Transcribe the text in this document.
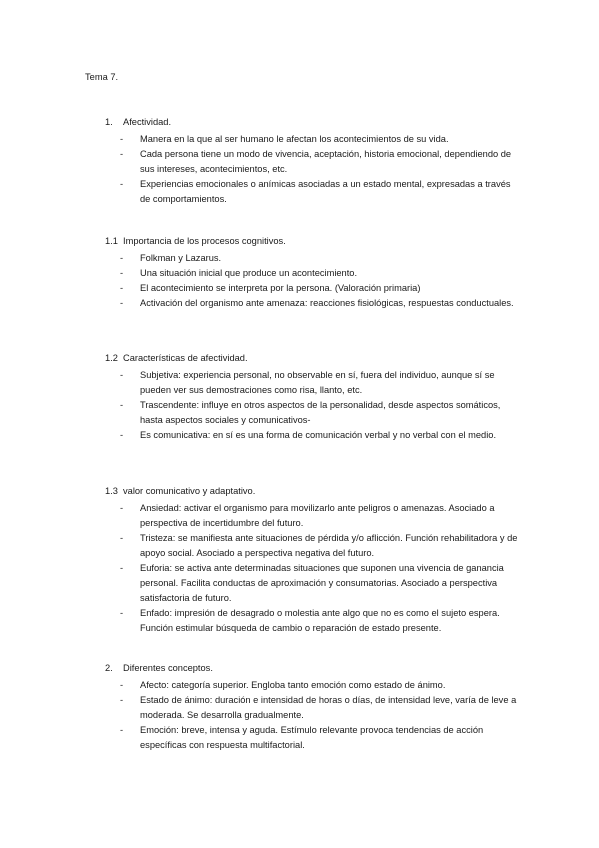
Tema 7.
1. Afectividad.
- Manera en la que al ser humano le afectan los acontecimientos de su vida.
- Cada persona tiene un modo de vivencia, aceptación, historia emocional, dependiendo de sus intereses, acontecimientos, etc.
- Experiencias emocionales o anímicas asociadas a un estado mental, expresadas a través de comportamientos.
1.1 Importancia de los procesos cognitivos.
- Folkman y Lazarus.
- Una situación inicial que produce un acontecimiento.
- El acontecimiento se interpreta por la persona. (Valoración primaria)
- Activación del organismo ante amenaza: reacciones fisiológicas, respuestas conductuales.
1.2 Características de afectividad.
- Subjetiva: experiencia personal, no observable en sí, fuera del individuo, aunque sí se pueden ver sus demostraciones como risa, llanto, etc.
- Trascendente: influye en otros aspectos de la personalidad, desde aspectos somáticos, hasta aspectos sociales y comunicativos-
- Es comunicativa: en sí es una forma de comunicación verbal y no verbal con el medio.
1.3 valor comunicativo y adaptativo.
- Ansiedad: activar el organismo para movilizarlo ante peligros o amenazas. Asociado a perspectiva de incertidumbre del futuro.
- Tristeza: se manifiesta ante situaciones de pérdida y/o aflicción. Función rehabilitadora y de apoyo social. Asociado a perspectiva negativa del futuro.
- Euforia: se activa ante determinadas situaciones que suponen una vivencia de ganancia personal. Facilita conductas de aproximación y consumatorias. Asociado a perspectiva satisfactoria de futuro.
- Enfado: impresión de desagrado o molestia ante algo que no es como el sujeto espera. Función estimular búsqueda de cambio o reparación de estado presente.
2. Diferentes conceptos.
- Afecto: categoría superior. Engloba tanto emoción como estado de ánimo.
- Estado de ánimo: duración e intensidad de horas o días, de intensidad leve, varía de leve a moderada. Se desarrolla gradualmente.
- Emoción: breve, intensa y aguda. Estímulo relevante provoca tendencias de acción específicas con respuesta multifactorial.
